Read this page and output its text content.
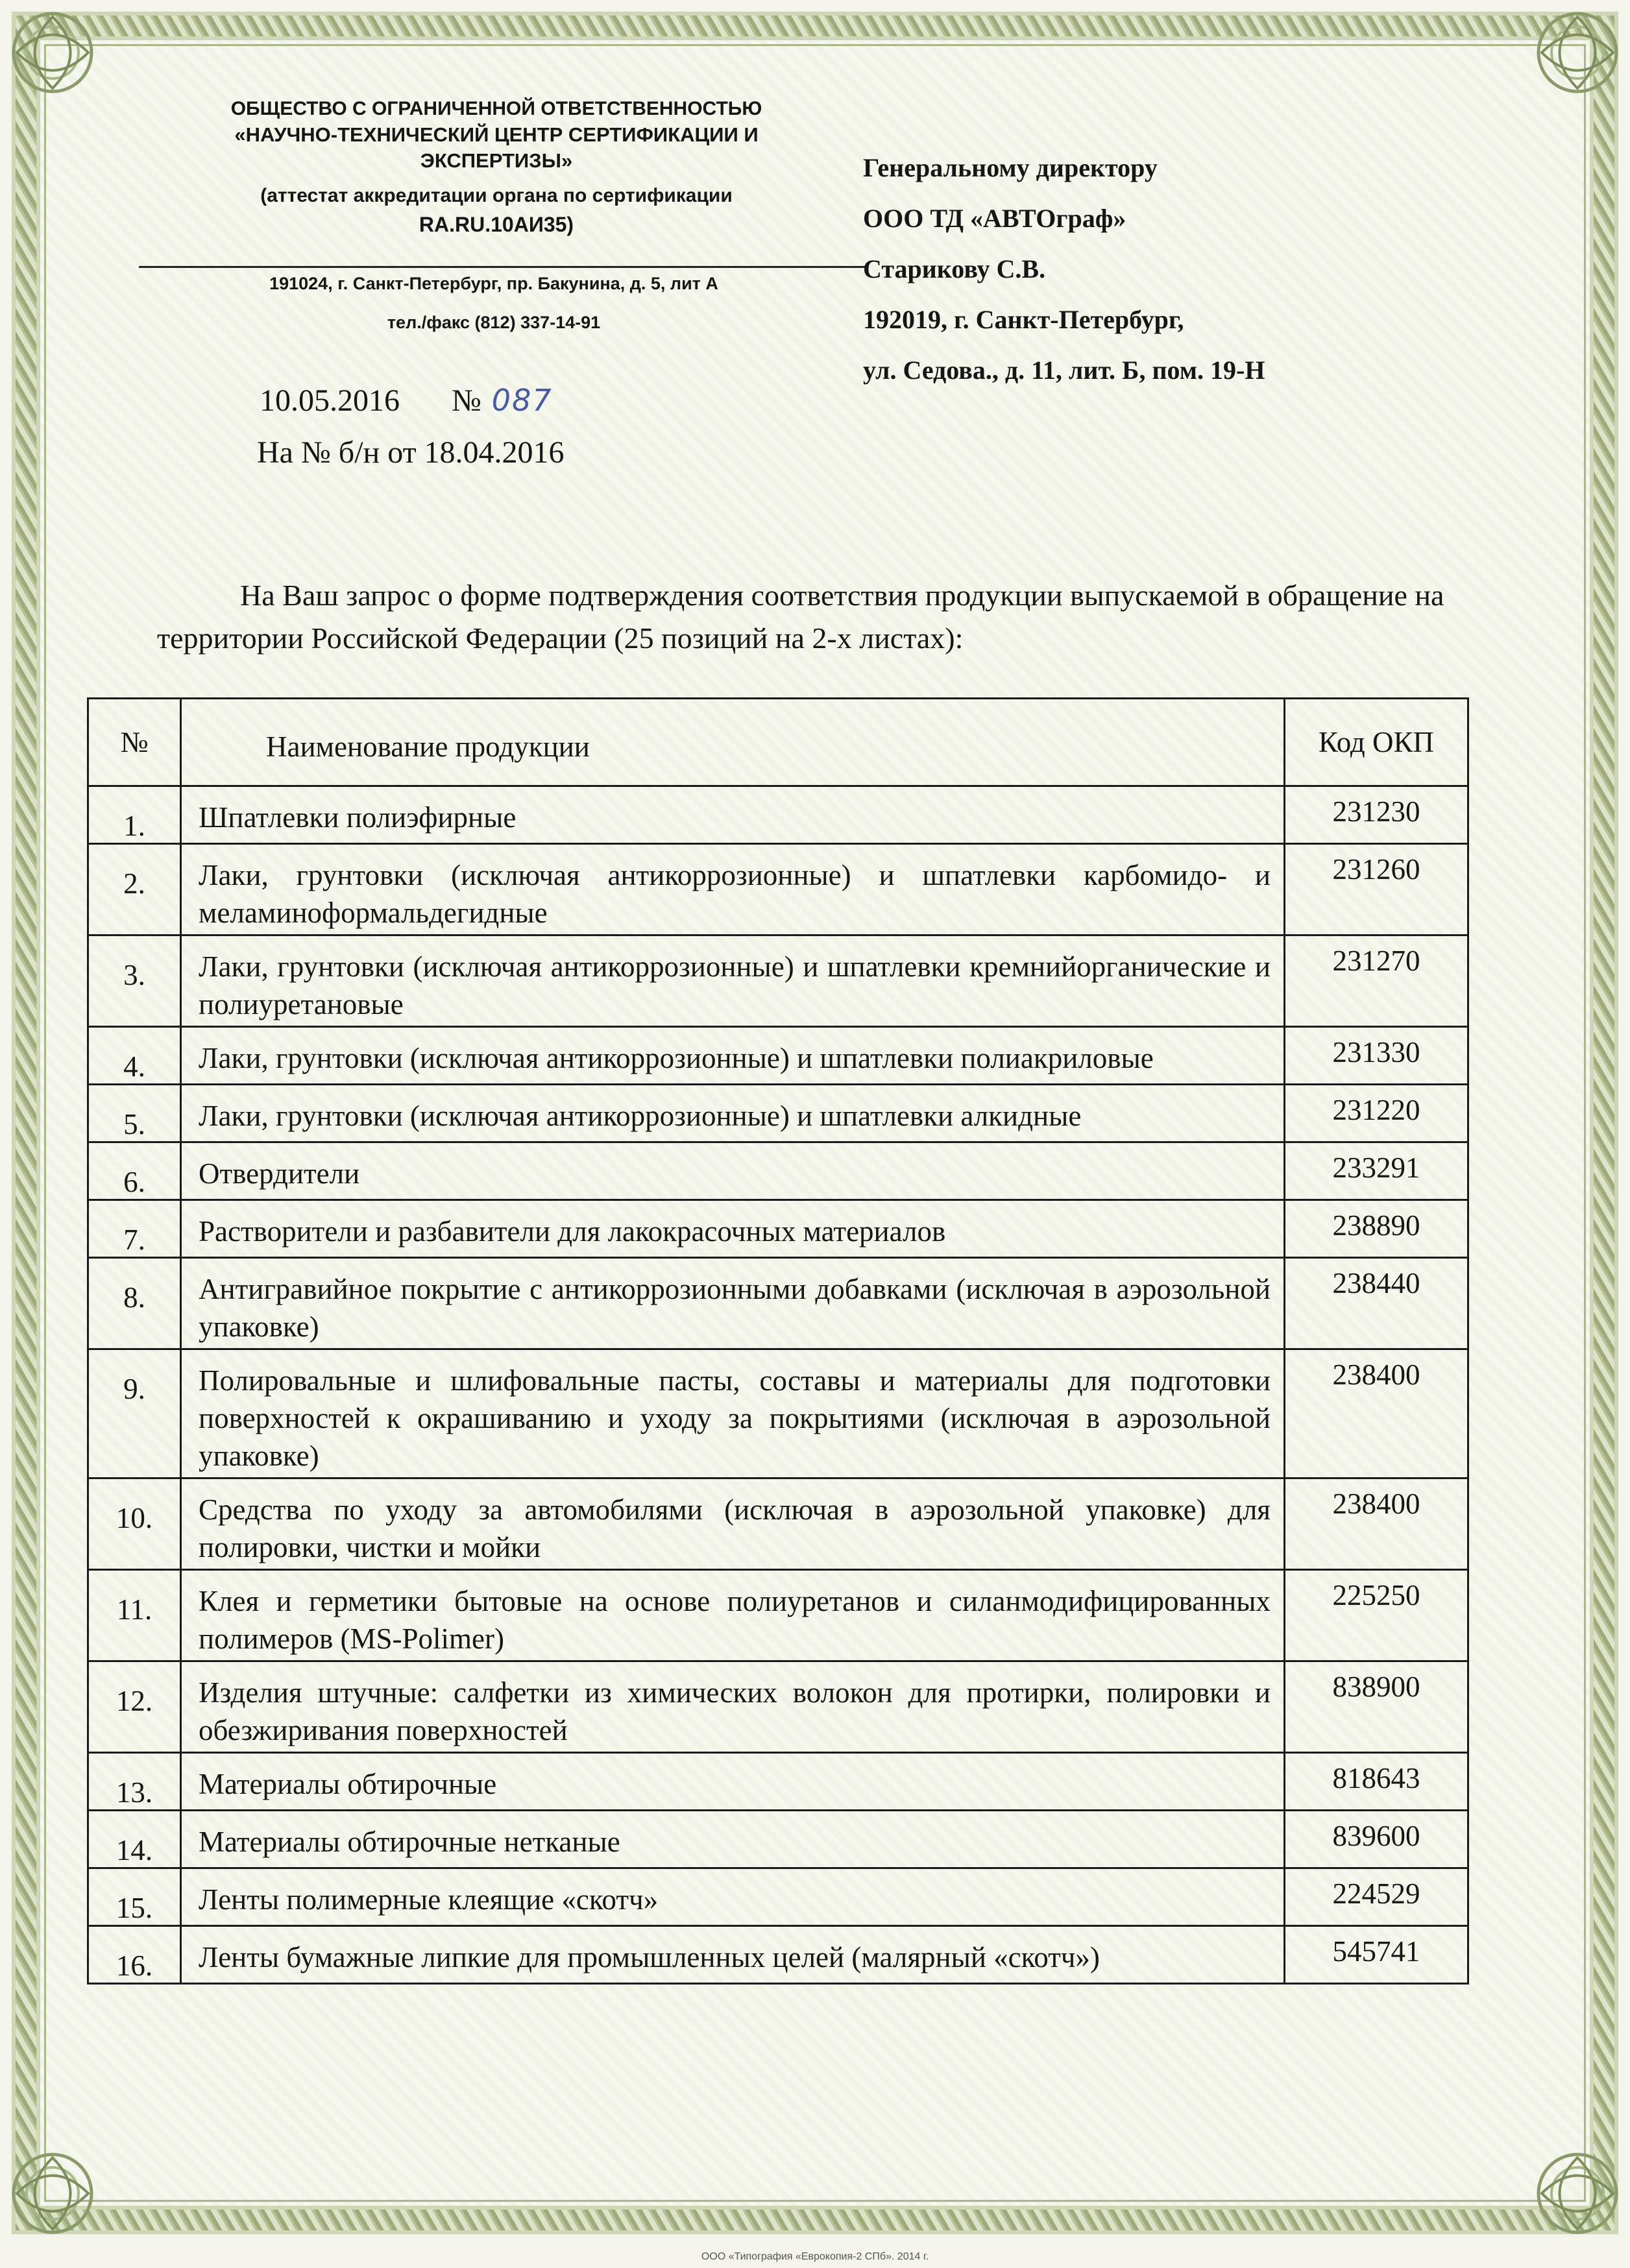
ОБЩЕСТВО С ОГРАНИЧЕННОЙ ОТВЕТСТВЕННОСТЬЮ
«НАУЧНО-ТЕХНИЧЕСКИЙ ЦЕНТР СЕРТИФИКАЦИИ И
ЭКСПЕРТИЗЫ»
(аттестат аккредитации органа по сертификации
RA.RU.10АИ35)
191024, г. Санкт-Петербург, пр. Бакунина, д. 5, лит А
тел./факс (812) 337-14-91
Генеральному директору
ООО ТД «АВТОграф»
Старикову С.В.
192019, г. Санкт-Петербург,
ул. Седова., д. 11, лит. Б, пом. 19-Н
10.05.2016 № 087
На № б/н от 18.04.2016
На Ваш запрос о форме подтверждения соответствия продукции выпускаемой в обращение на территории Российской Федерации (25 позиций на 2-х листах):
№	Наименование продукции	Код ОКП
1.	Шпатлевки полиэфирные	231230
2.	Лаки, грунтовки (исключая антикоррозионные) и шпатлевки карбомидо- и меламиноформальдегидные	231260
3.	Лаки, грунтовки (исключая антикоррозионные) и шпатлевки кремнийорганические и полиуретановые	231270
4.	Лаки, грунтовки (исключая антикоррозионные) и шпатлевки полиакриловые	231330
5.	Лаки, грунтовки (исключая антикоррозионные) и шпатлевки алкидные	231220
6.	Отвердители	233291
7.	Растворители и разбавители для лакокрасочных материалов	238890
8.	Антигравийное покрытие с антикоррозионными добавками (исключая в аэрозольной упаковке)	238440
9.	Полировальные и шлифовальные пасты, составы и материалы для подготовки поверхностей к окрашиванию и уходу за покрытиями (исключая в аэрозольной упаковке)	238400
10.	Средства по уходу за автомобилями (исключая в аэрозольной упаковке) для полировки, чистки и мойки	238400
11.	Клея и герметики бытовые на основе полиуретанов и силанмодифицированных полимеров (MS-Polimer)	225250
12.	Изделия штучные: салфетки из химических волокон для протирки, полировки и обезжиривания поверхностей	838900
13.	Материалы обтирочные	818643
14.	Материалы обтирочные нетканые	839600
15.	Ленты полимерные клеящие «скотч»	224529
16.	Ленты бумажные липкие для промышленных целей (малярный «скотч»)	545741
ООО «Типография «Еврокопия-2 СПб». 2014 г.
